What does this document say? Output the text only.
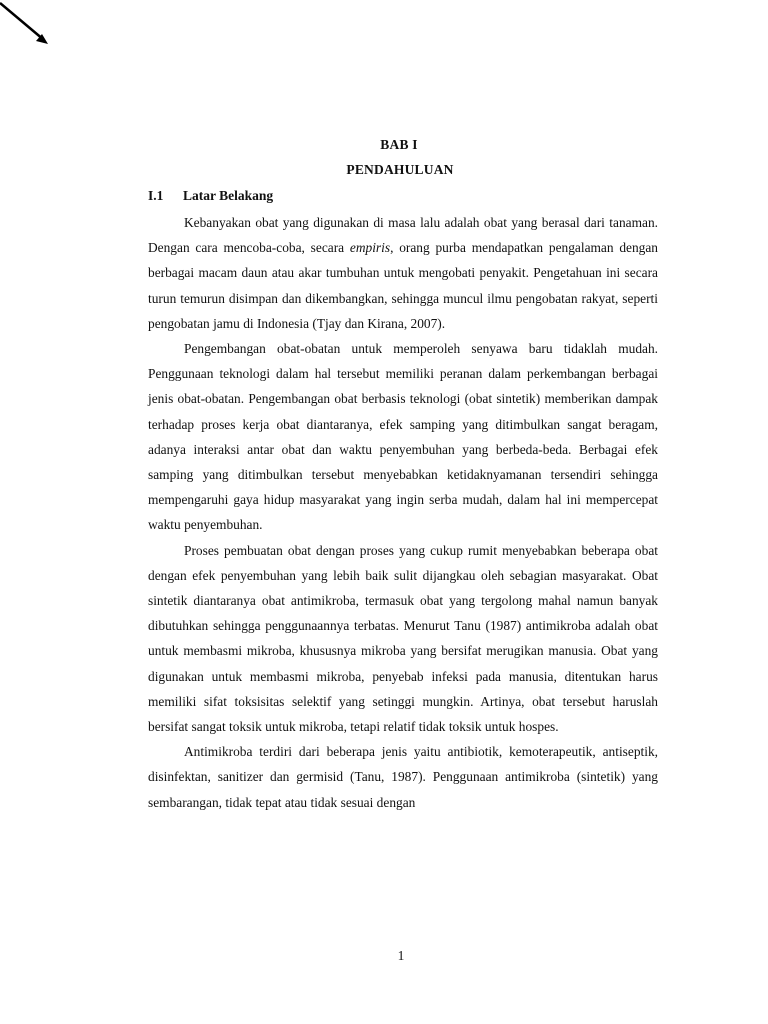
BAB I
PENDAHULUAN
I.1 Latar Belakang

Kebanyakan obat yang digunakan di masa lalu adalah obat yang berasal dari tanaman. Dengan cara mencoba-coba, secara empiris, orang purba mendapatkan pengalaman dengan berbagai macam daun atau akar tumbuhan untuk mengobati penyakit. Pengetahuan ini secara turun temurun disimpan dan dikembangkan, sehingga muncul ilmu pengobatan rakyat, seperti pengobatan jamu di Indonesia (Tjay dan Kirana, 2007).

Pengembangan obat-obatan untuk memperoleh senyawa baru tidaklah mudah. Penggunaan teknologi dalam hal tersebut memiliki peranan dalam perkembangan berbagai jenis obat-obatan. Pengembangan obat berbasis teknologi (obat sintetik) memberikan dampak terhadap proses kerja obat diantaranya, efek samping yang ditimbulkan sangat beragam, adanya interaksi antar obat dan waktu penyembuhan yang berbeda-beda. Berbagai efek samping yang ditimbulkan tersebut menyebabkan ketidaknyamanan tersendiri sehingga mempengaruhi gaya hidup masyarakat yang ingin serba mudah, dalam hal ini mempercepat waktu penyembuhan.

Proses pembuatan obat dengan proses yang cukup rumit menyebabkan beberapa obat dengan efek penyembuhan yang lebih baik sulit dijangkau oleh sebagian masyarakat. Obat sintetik diantaranya obat antimikroba, termasuk obat yang tergolong mahal namun banyak dibutuhkan sehingga penggunaannya terbatas. Menurut Tanu (1987) antimikroba adalah obat untuk membasmi mikroba, khususnya mikroba yang bersifat merugikan manusia. Obat yang digunakan untuk membasmi mikroba, penyebab infeksi pada manusia, ditentukan harus memiliki sifat toksisitas selektif yang setinggi mungkin. Artinya, obat tersebut haruslah bersifat sangat toksik untuk mikroba, tetapi relatif tidak toksik untuk hospes.

Antimikroba terdiri dari beberapa jenis yaitu antibiotik, kemoterapeutik, antiseptik, disinfektan, sanitizer dan germisid (Tanu, 1987). Penggunaan antimikroba (sintetik) yang sembarangan, tidak tepat atau tidak sesuai dengan

1
